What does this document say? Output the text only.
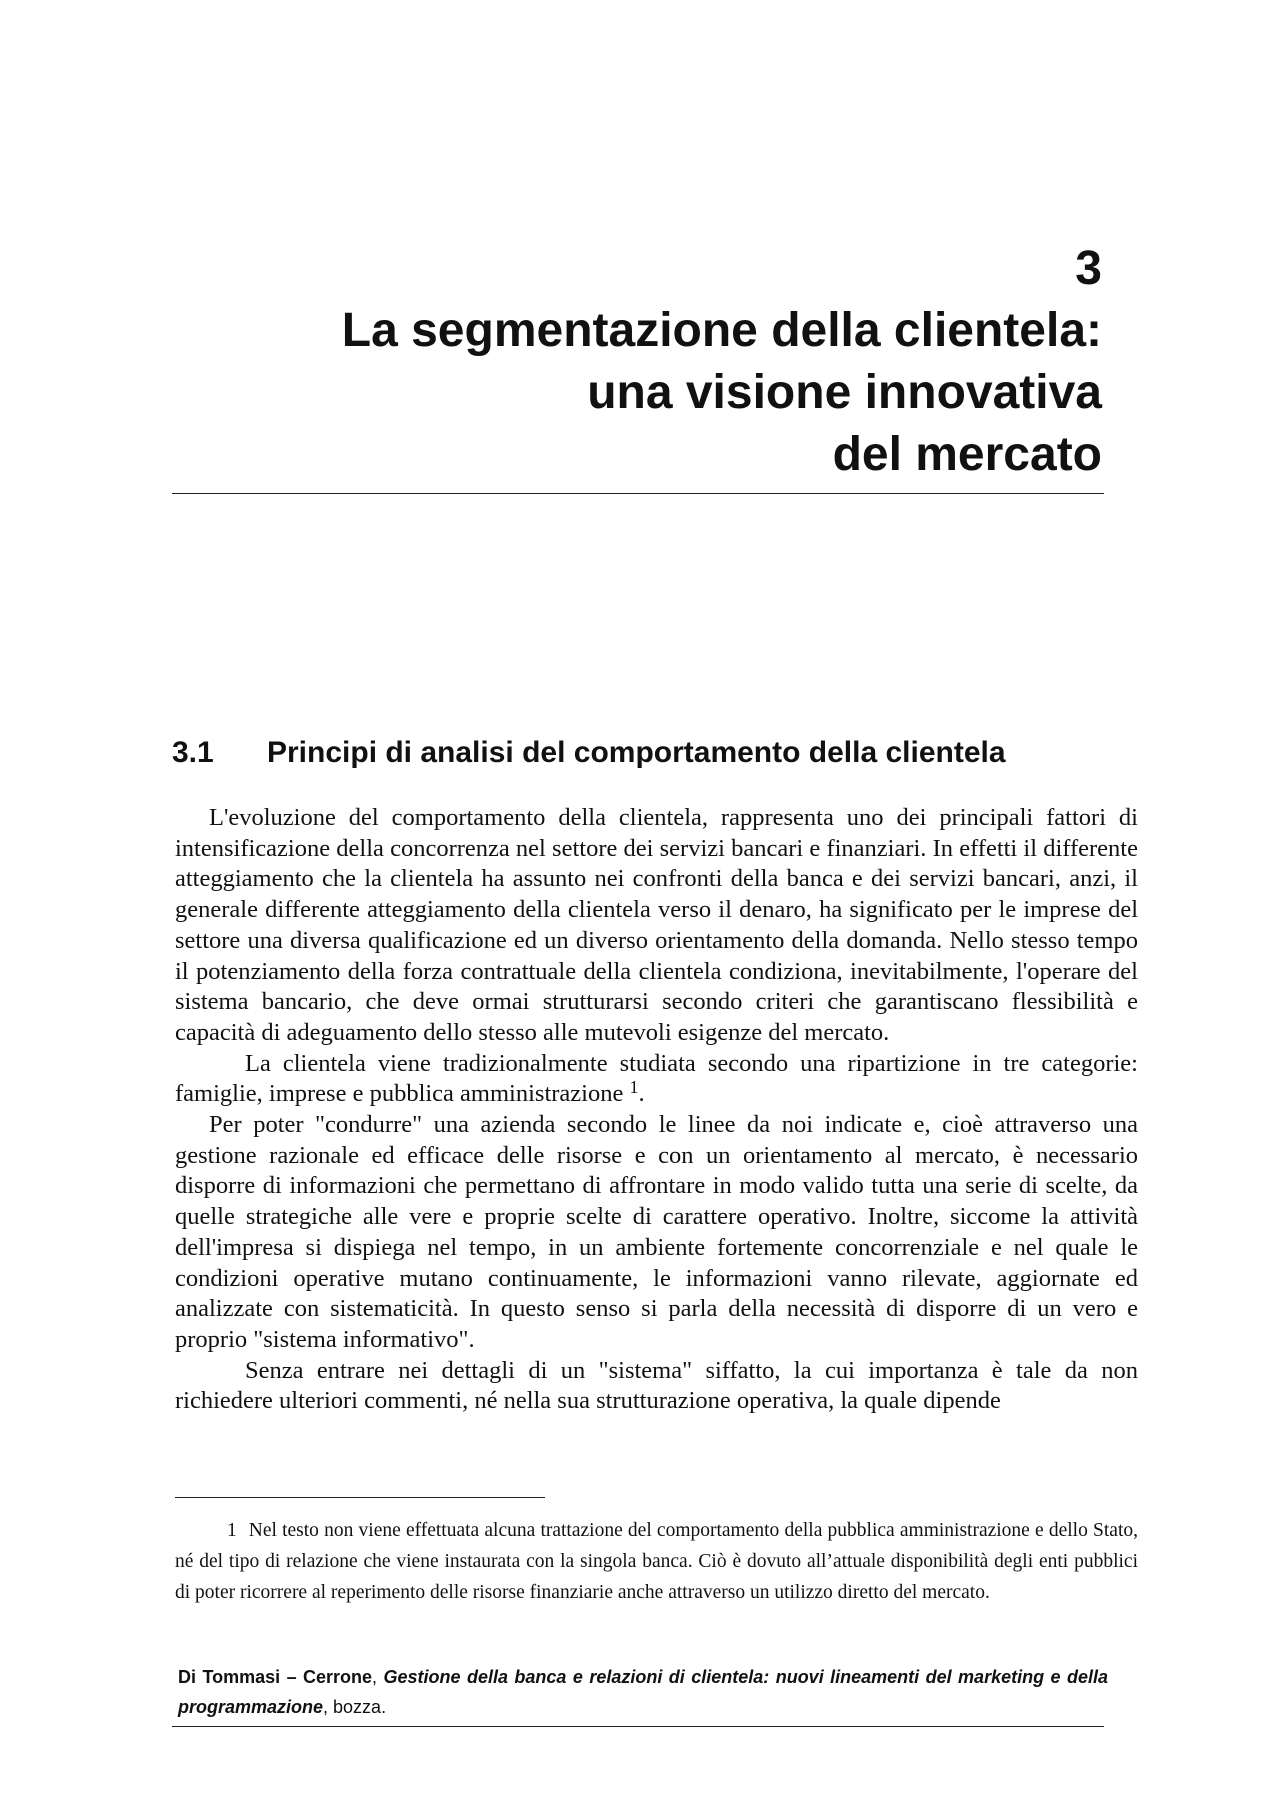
3
La segmentazione della clientela:
una visione innovativa
del mercato
3.1 Principi di analisi del comportamento della clientela

L'evoluzione del comportamento della clientela, rappresenta uno dei principali fattori di intensificazione della concorrenza nel settore dei servizi bancari e finanziari. In effetti il differente atteggiamento che la clientela ha assunto nei confronti della banca e dei servizi bancari, anzi, il generale differente atteggiamento della clientela verso il denaro, ha significato per le imprese del settore una diversa qualificazione ed un diverso orientamento della domanda. Nello stesso tempo il potenziamento della forza contrattuale della clientela condiziona, inevitabilmente, l'operare del sistema bancario, che deve ormai strutturarsi secondo criteri che garantiscano flessibilità e capacità di adeguamento dello stesso alle mutevoli esigenze del mercato.

La clientela viene tradizionalmente studiata secondo una ripartizione in tre categorie: famiglie, imprese e pubblica amministrazione $^1$.

Per poter "condurre" una azienda secondo le linee da noi indicate e, cioè attraverso una gestione razionale ed efficace delle risorse e con un orientamento al mercato, è necessario disporre di informazioni che permettano di affrontare in modo valido tutta una serie di scelte, da quelle strategiche alle vere e proprie scelte di carattere operativo. Inoltre, siccome la attività dell'impresa si dispiega nel tempo, in un ambiente fortemente concorrenziale e nel quale le condizioni operative mutano continuamente, le informazioni vanno rilevate, aggiornate ed analizzate con sistematicità. In questo senso si parla della necessità di disporre di un vero e proprio "sistema informativo".

Senza entrare nei dettagli di un "sistema" siffatto, la cui importanza è tale da non richiedere ulteriori commenti, né nella sua strutturazione operativa, la quale dipende

1 Nel testo non viene effettuata alcuna trattazione del comportamento della pubblica amministrazione e dello Stato, né del tipo di relazione che viene instaurata con la singola banca. Ciò è dovuto all’attuale disponibilità degli enti pubblici di poter ricorrere al reperimento delle risorse finanziarie anche attraverso un utilizzo diretto del mercato.
Di Tommasi – Cerrone, Gestione della banca e relazioni di clientela: nuovi lineamenti del marketing e della programmazione, bozza.
